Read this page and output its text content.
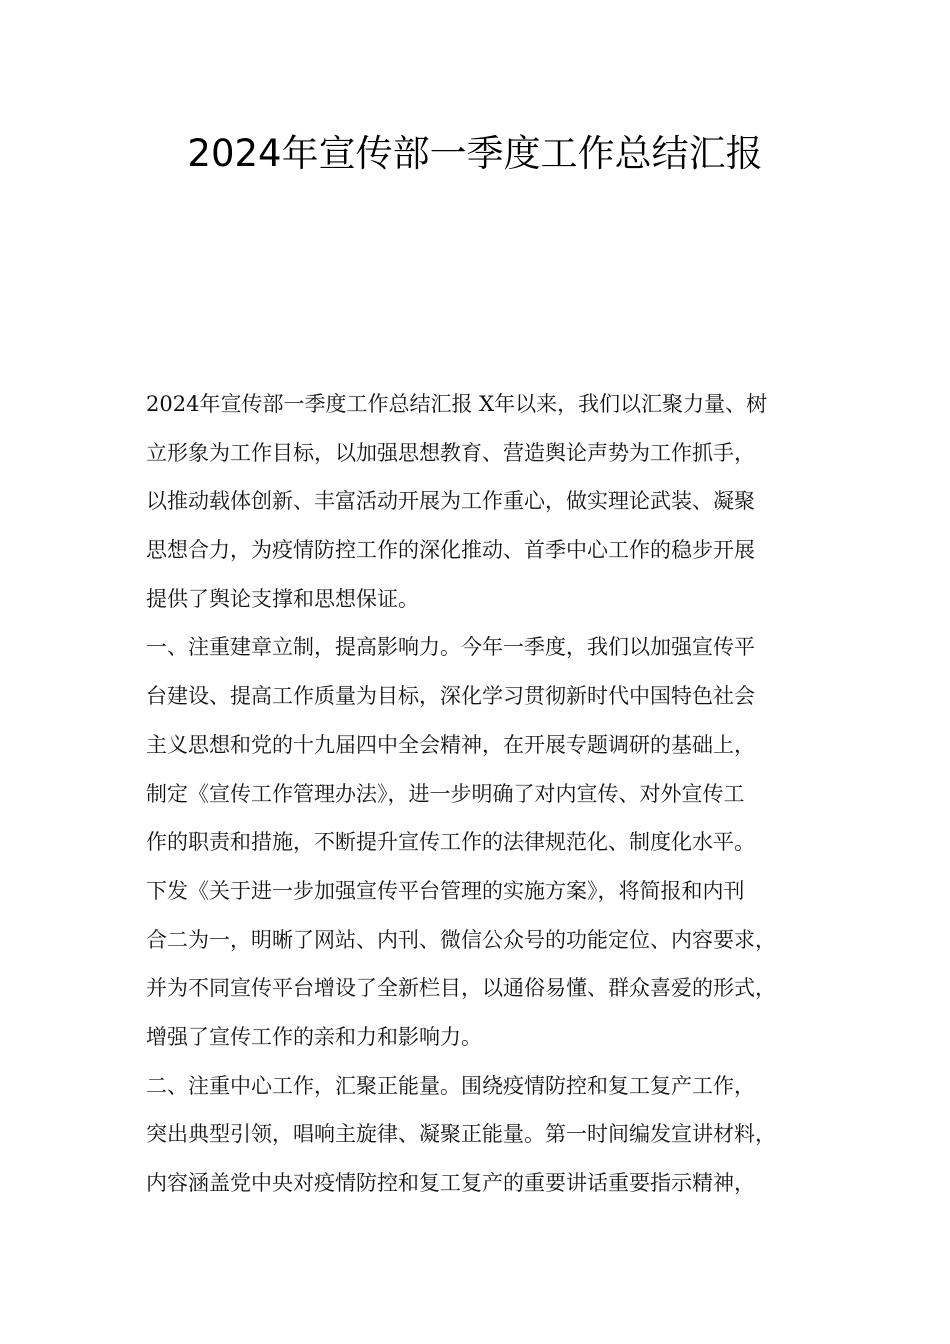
2024年宣传部一季度工作总结汇报
2024年宣传部一季度工作总结汇报 X年以来，我们以汇聚力量、树
立形象为工作目标，以加强思想教育、营造舆论声势为工作抓手，
以推动载体创新、丰富活动开展为工作重心，做实理论武装、凝聚
思想合力，为疫情防控工作的深化推动、首季中心工作的稳步开展
提供了舆论支撑和思想保证。
一、注重建章立制，提高影响力。今年一季度，我们以加强宣传平
台建设、提高工作质量为目标，深化学习贯彻新时代中国特色社会
主义思想和党的十九届四中全会精神，在开展专题调研的基础上，
制定《宣传工作管理办法》，进一步明确了对内宣传、对外宣传工
作的职责和措施，不断提升宣传工作的法律规范化、制度化水平。
下发《关于进一步加强宣传平台管理的实施方案》，将简报和内刊
合二为一，明晰了网站、内刊、微信公众号的功能定位、内容要求，
并为不同宣传平台增设了全新栏目，以通俗易懂、群众喜爱的形式，
增强了宣传工作的亲和力和影响力。
二、注重中心工作，汇聚正能量。围绕疫情防控和复工复产工作，
突出典型引领，唱响主旋律、凝聚正能量。第一时间编发宣讲材料，
内容涵盖党中央对疫情防控和复工复产的重要讲话重要指示精神，
